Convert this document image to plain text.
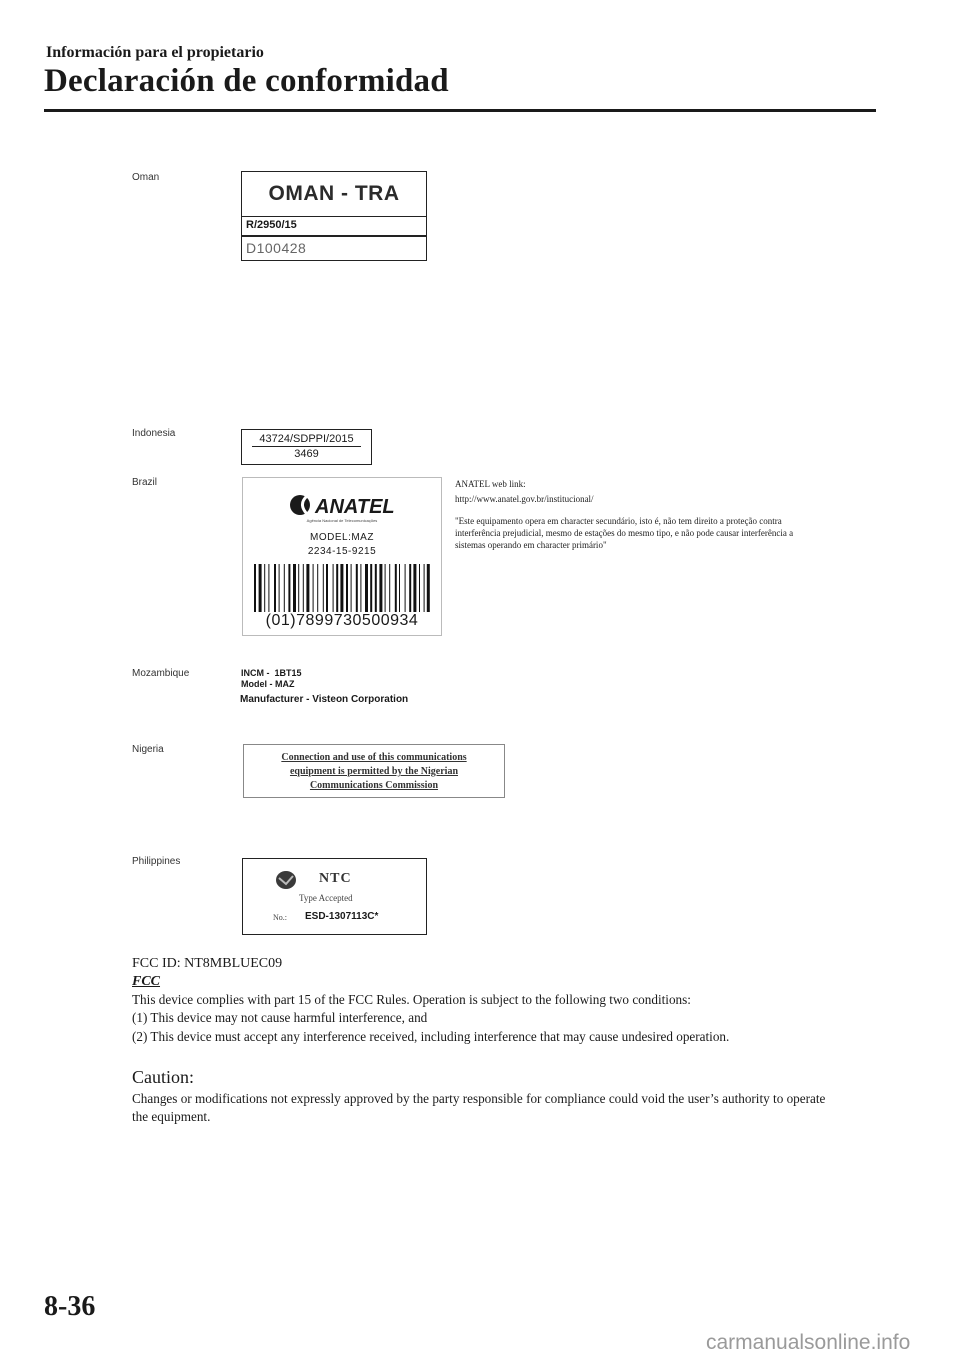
Información para el propietario
Declaración de conformidad
Oman
OMAN - TRA
R/2950/15
D100428
Indonesia	43724/SDPPI/2015
3469
Brazil
ANATEL
Agência Nacional de Telecomunicações
MODEL:MAZ
2234-15-9215
(01)7899730500934

ANATEL web link:

http://www.anatel.gov.br/institucional/

"Este equipamento opera em character secundário, isto é, não tem direito a proteção contra interferência prejudicial, mesmo de estações do mesmo tipo, e não pode causar interferência a sistemas operando em character primário"

Mozambique	INCM - 1BT15
Model - MAZ
Manufacturer - Visteon Corporation
Nigeria
Connection and use of this communications
equipment is permitted by the Nigerian
Communications Commission
Philippines
NTC
Type Accepted
No.: ESD-1307113C*
FCC ID: NT8MBLUEC09
FCC

This device complies with part 15 of the FCC Rules. Operation is subject to the following two conditions:

(1) This device may not cause harmful interference, and

(2) This device must accept any interference received, including interference that may cause undesired operation.

Caution:
Changes or modifications not expressly approved by the party responsible for compliance could void the user’s authority to operate the equipment.
8-36
carmanualsonline.info
